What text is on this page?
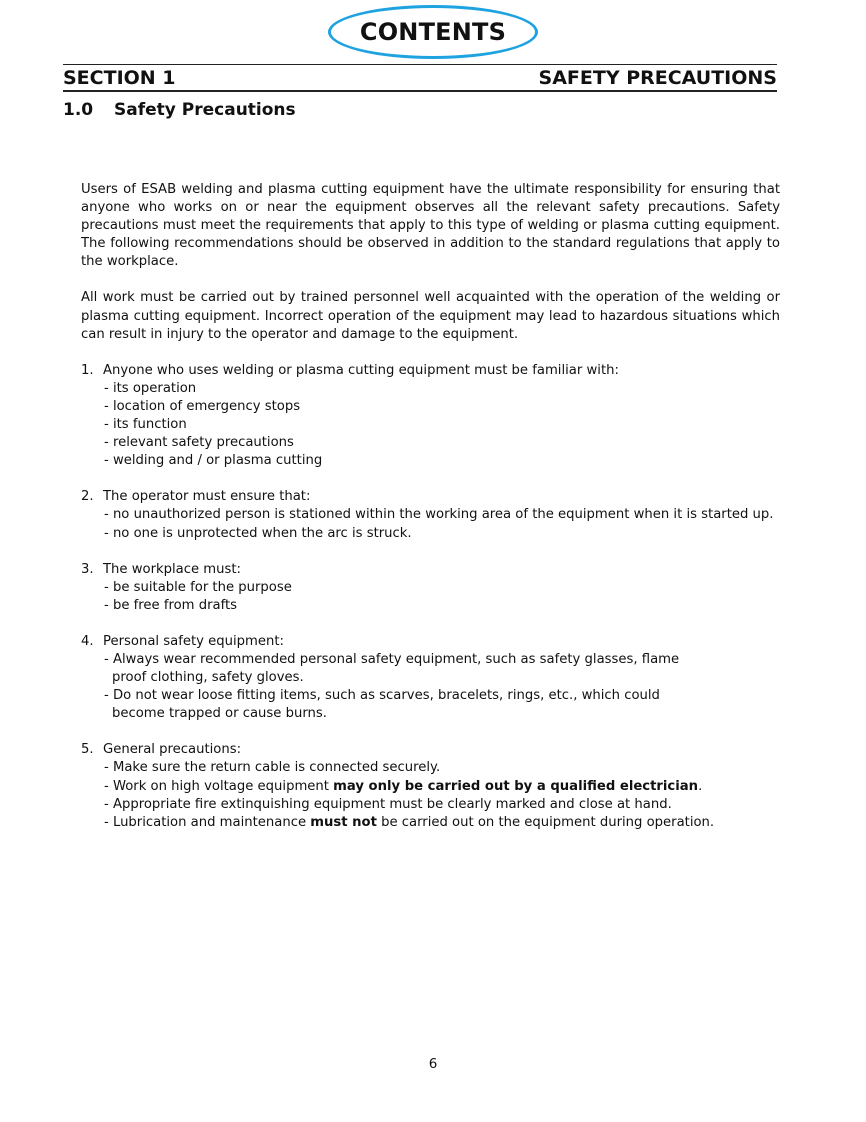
CONTENTS
SECTION 1	SAFETY PRECAUTIONS
1.0 Safety Precautions

Users of ESAB welding and plasma cutting equipment have the ultimate responsibility for ensuring that anyone who works on or near the equipment observes all the relevant safety precautions. Safety precautions must meet the requirements that apply to this type of welding or plasma cutting equipment. The following recommendations should be observed in addition to the standard regulations that apply to the workplace.

All work must be carried out by trained personnel well acquainted with the operation of the welding or plasma cutting equipment. Incorrect operation of the equipment may lead to hazardous situations which can result in injury to the operator and damage to the equipment.

1. Anyone who uses welding or plasma cutting equipment must be familiar with:
- its operation
- location of emergency stops
- its function
- relevant safety precautions
- welding and / or plasma cutting
2. The operator must ensure that:
- no unauthorized person is stationed within the working area of the equipment when it is started up.
- no one is unprotected when the arc is struck.
3. The workplace must:
- be suitable for the purpose
- be free from drafts
4. Personal safety equipment:
- Always wear recommended personal safety equipment, such as safety glasses, flame proof clothing, safety gloves.
- Do not wear loose fitting items, such as scarves, bracelets, rings, etc., which could become trapped or cause burns.
5. General precautions:
- Make sure the return cable is connected securely.
- Work on high voltage equipment may only be carried out by a qualified electrician.
- Appropriate fire extinquishing equipment must be clearly marked and close at hand.
- Lubrication and maintenance must not be carried out on the equipment during operation.
6
